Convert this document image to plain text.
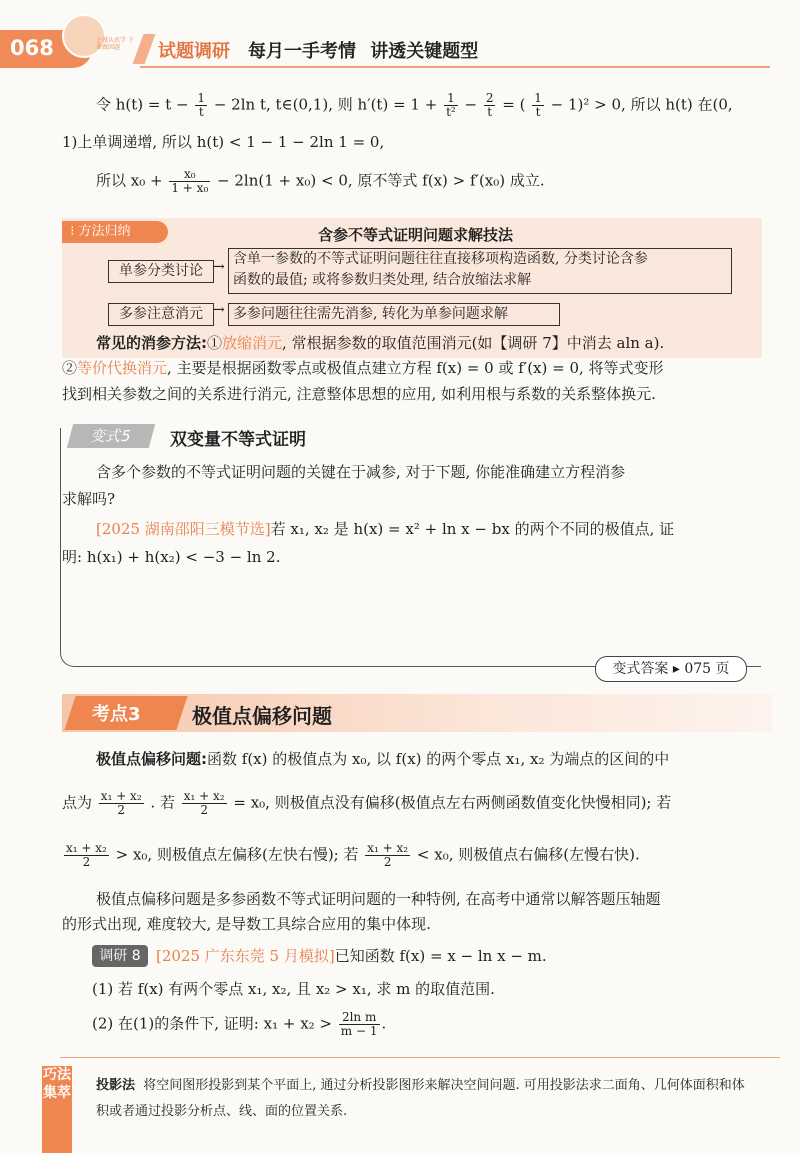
068	上做认真学 下课做回题	试题调研 每月一手考情 讲透关键题型
令 $h(t) = t - \frac{1}{t} - 2\ln$ t, t∈(0,1), 则 $h'(t) = 1 + \frac{1}{\text{t²}} - \frac{2}{t}$ = ( $\frac{1}{t} - 1)^2 > 0$, 所以 h(t) 在(0,
1)上单调递增, 所以 h(t) < 1 − 1 − 2ln 1 = 0,
所以 $x_0 + \frac{\text{x₀}}{\text{1 + x₀}} - 2\ln(1 + x_0) < 0$, 原不等式 f(x) > f′(x₀) 成立.
⁝ 方法归纳	含参不等式证明问题求解技法
单参分类讨论 → 含单一参数的不等式证明问题往往直接移项构造函数, 分类讨论含参
函数的最值; 或将参数归类处理, 结合放缩法求解
多参注意消元 → 多参问题往往需先消参, 转化为单参问题求解
常见的消参方法:①放缩消元, 常根据参数的取值范围消元(如【调研 7】中消去 aln a).
②等价代换消元, 主要是根据函数零点或极值点建立方程 f(x) = 0 或 f′(x) = 0, 将等式变形
找到相关参数之间的关系进行消元, 注意整体思想的应用, 如利用根与系数的关系整体换元.
变式5	双变量不等式证明
含多个参数的不等式证明问题的关键在于减参, 对于下题, 你能准确建立方程消参
求解吗?
[2025 湖南邵阳三模节选]若 x₁, x₂ 是 h(x) = x² + ln x − bx 的两个不同的极值点, 证
明: h(x₁) + h(x₂) < −3 − ln 2.
变式答案 ▸ 075 页
考点3	极值点偏移问题
极值点偏移问题:函数 f(x) 的极值点为 x₀, 以 f(x) 的两个零点 x₁, x₂ 为端点的区间的中
点为 $\frac{\text{x₁ + x₂}}{2}$ . 若 $\frac{\text{x₁ + x₂}}{2} = x_0$, 则极值点没有偏移(极值点左右两侧函数值变化快慢相同); 若
$\frac{\text{x₁ + x₂}}{2} > x_0$, 则极值点左偏移(左快右慢); 若 $\frac{\text{x₁ + x₂}}{2} < x_0$, 则极值点右偏移(左慢右快).
极值点偏移问题是多参函数不等式证明问题的一种特例, 在高考中通常以解答题压轴题
的形式出现, 难度较大, 是导数工具综合应用的集中体现.
调研 8	[2025 广东东莞 5 月模拟]已知函数 f(x) = x − ln x − m.
(1) 若 f(x) 有两个零点 x₁, x₂, 且 x₂ > x₁, 求 m 的取值范围.
(2) 在(1)的条件下, 证明: $x_1 + x_2 > \frac{\text{2ln m}}{m - 1}$ .
巧法集萃 投影法 将空间图形投影到某个平面上, 通过分析投影图形来解决空间问题. 可用投影法求二面角、几何体面积和体积或者通过投影分析点、线、面的位置关系.
